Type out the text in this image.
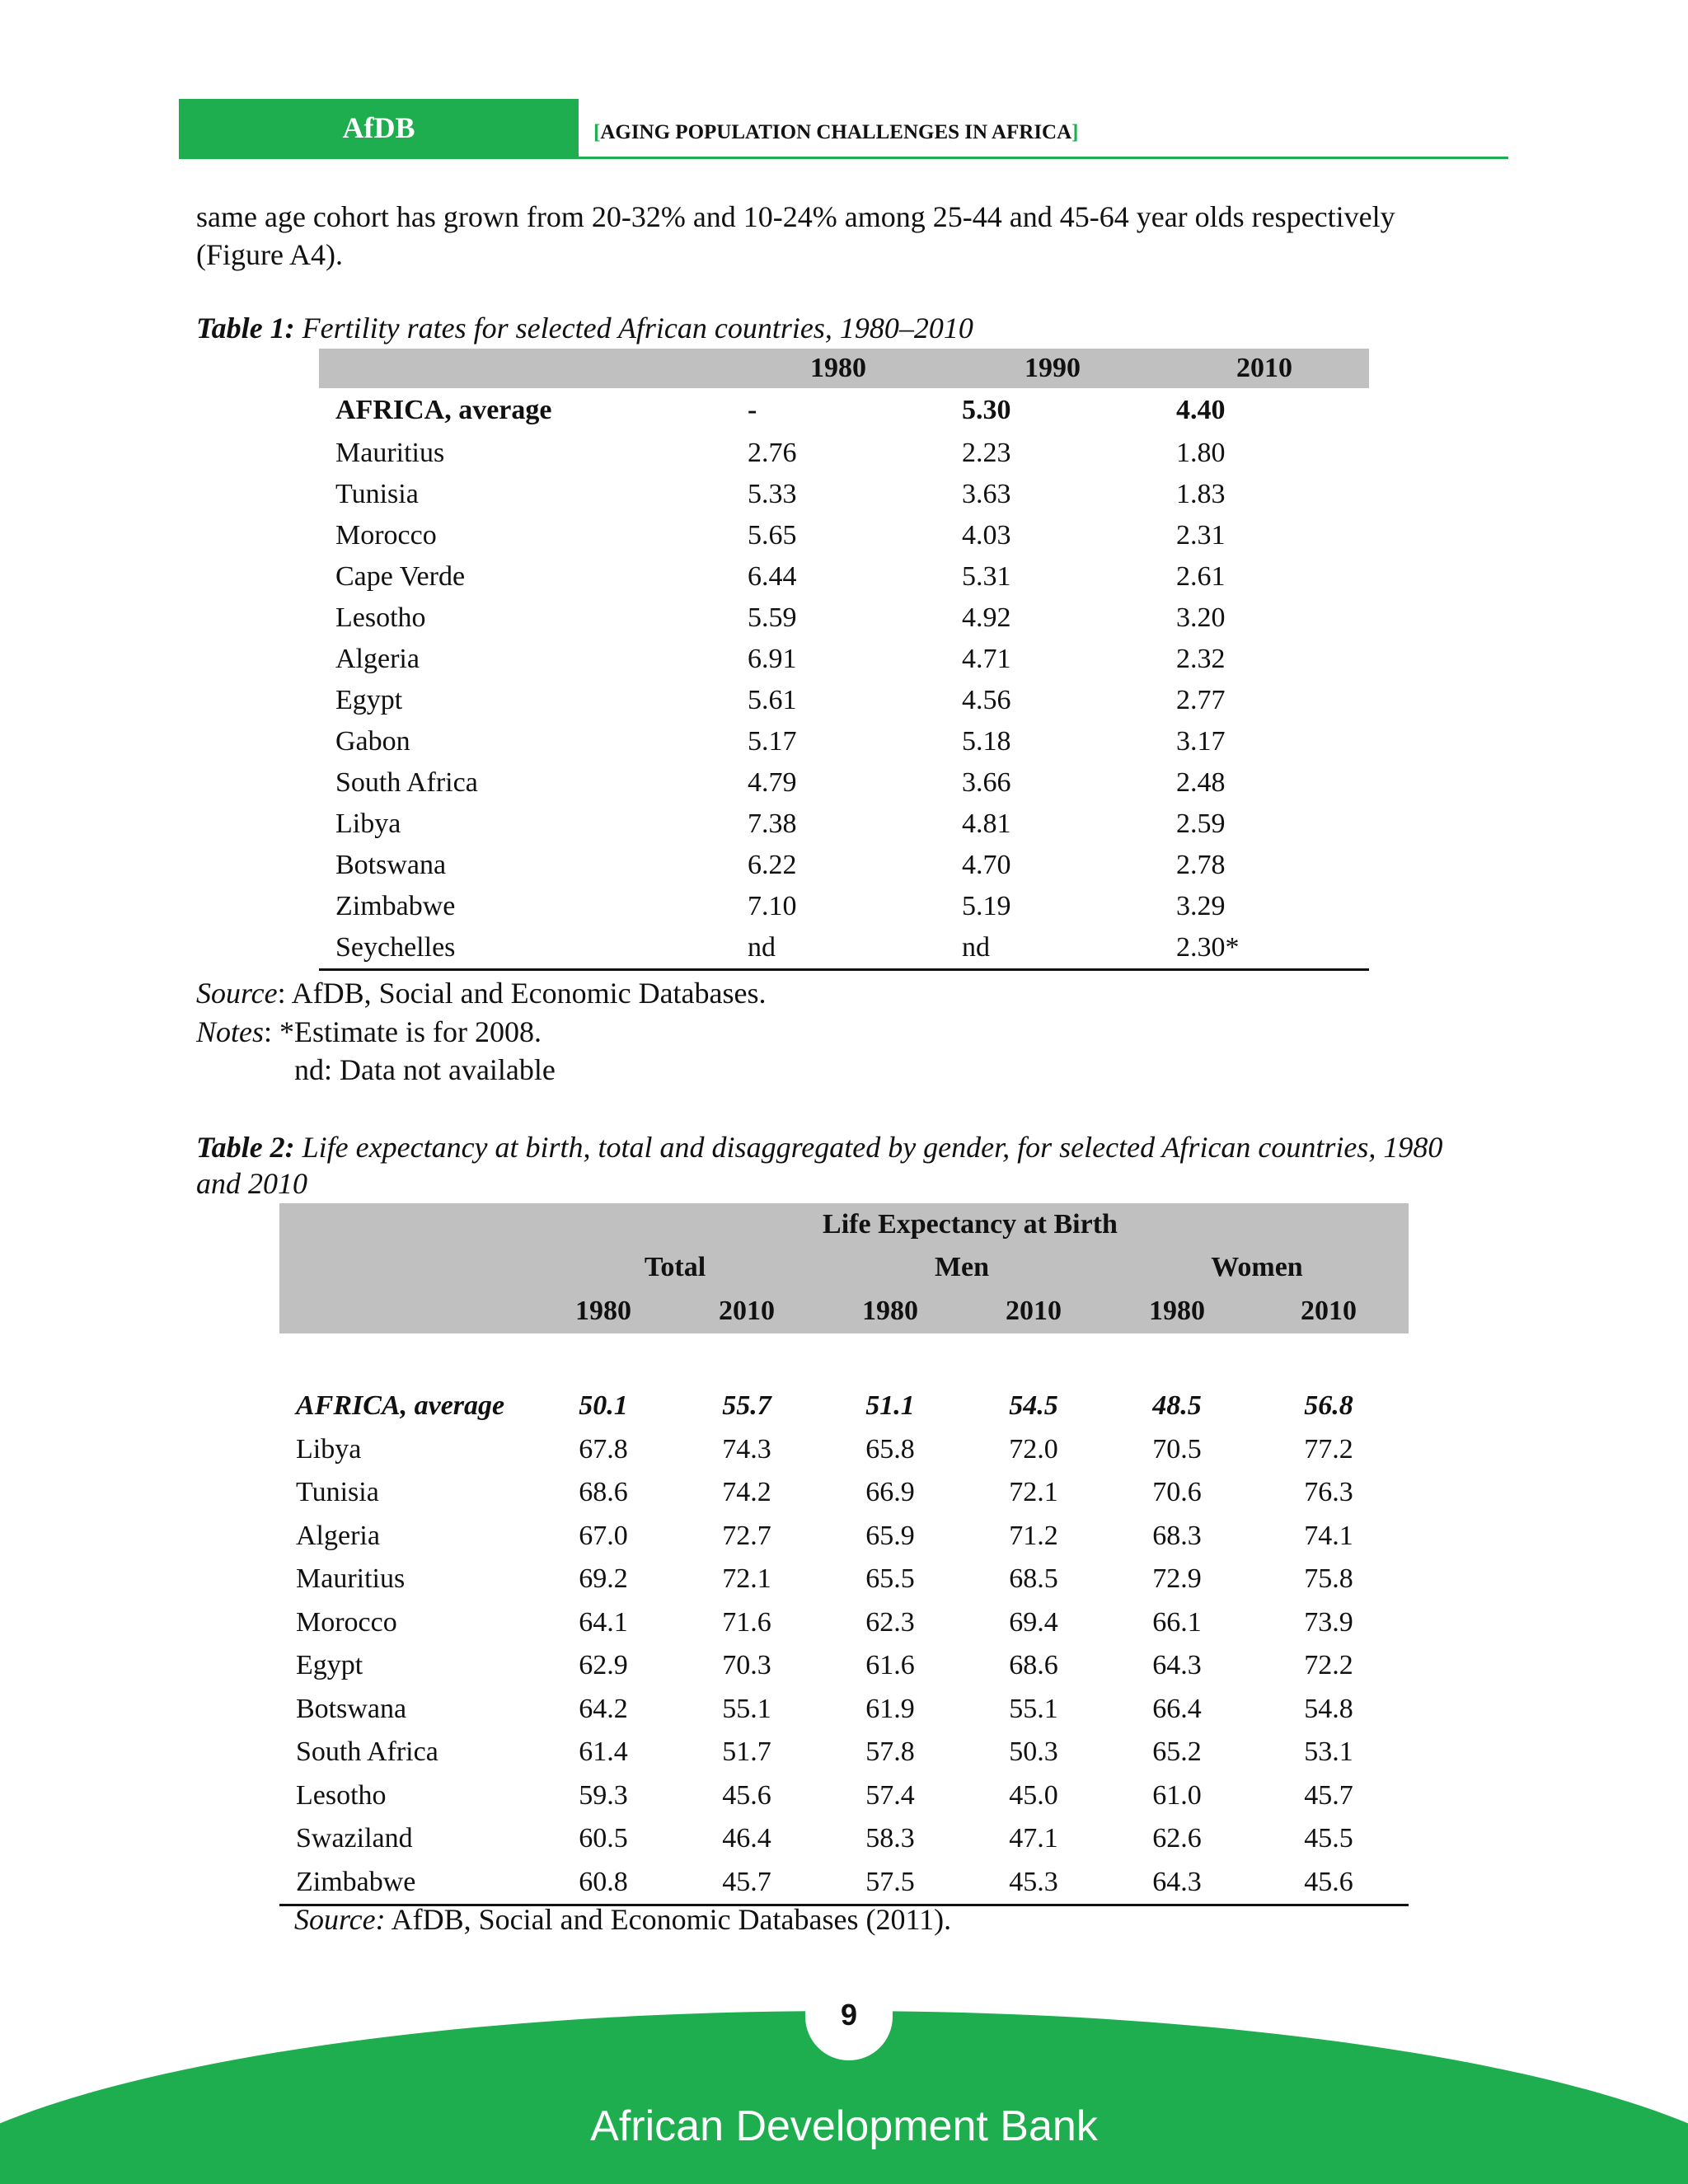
AfDB	[AGING POPULATION CHALLENGES IN AFRICA]

same age cohort has grown from 20-32% and 10-24% among 25-44 and 45-64 year olds respectively (Figure A4).

Table 1: Fertility rates for selected African countries, 1980–2010

	1980	1990	2010
AFRICA, average	-	5.30	4.40
Mauritius	2.76	2.23	1.80
Tunisia	5.33	3.63	1.83
Morocco	5.65	4.03	2.31
Cape Verde	6.44	5.31	2.61
Lesotho	5.59	4.92	3.20
Algeria	6.91	4.71	2.32
Egypt	5.61	4.56	2.77
Gabon	5.17	5.18	3.17
South Africa	4.79	3.66	2.48
Libya	7.38	4.81	2.59
Botswana	6.22	4.70	2.78
Zimbabwe	7.10	5.19	3.29
Seychelles	nd	nd	2.30*

Source: AfDB, Social and Economic Databases.

Notes: *Estimate is for 2008.

nd: Data not available

Table 2: Life expectancy at birth, total and disaggregated by gender, for selected African countries, 1980 and 2010

	Life Expectancy at Birth					
	Total		Men		Women	
	1980	2010	1980	2010	1980	2010

AFRICA, average	50.1	55.7	51.1	54.5	48.5	56.8
Libya	67.8	74.3	65.8	72.0	70.5	77.2
Tunisia	68.6	74.2	66.9	72.1	70.6	76.3
Algeria	67.0	72.7	65.9	71.2	68.3	74.1
Mauritius	69.2	72.1	65.5	68.5	72.9	75.8
Morocco	64.1	71.6	62.3	69.4	66.1	73.9
Egypt	62.9	70.3	61.6	68.6	64.3	72.2
Botswana	64.2	55.1	61.9	55.1	66.4	54.8
South Africa	61.4	51.7	57.8	50.3	65.2	53.1
Lesotho	59.3	45.6	57.4	45.0	61.0	45.7
Swaziland	60.5	46.4	58.3	47.1	62.6	45.5
Zimbabwe	60.8	45.7	57.5	45.3	64.3	45.6

Source: AfDB, Social and Economic Databases (2011).

African Development Bank
9
